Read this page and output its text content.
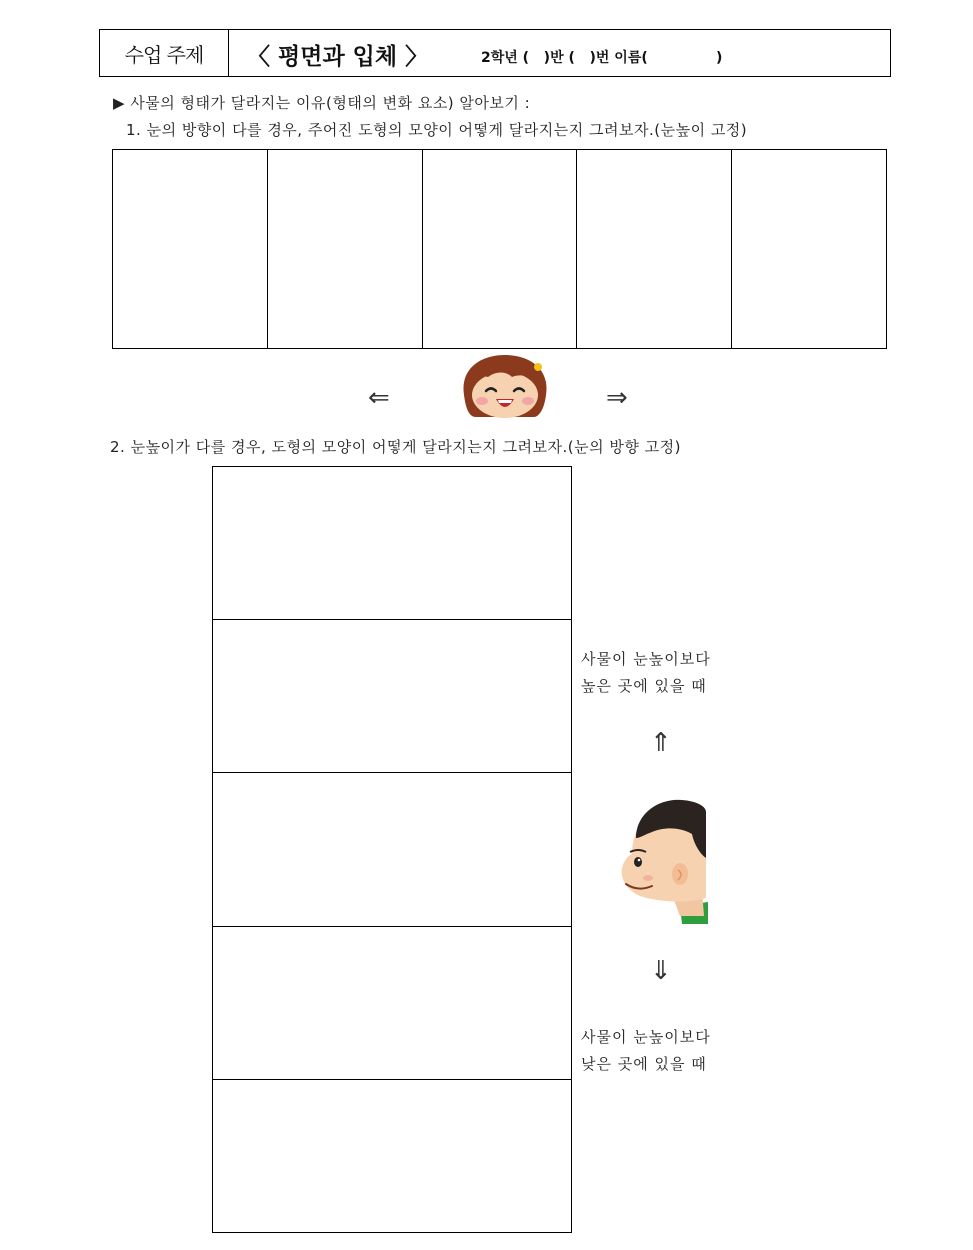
수업 주제	〈 평면과 입체 〉	2학년 (   )반 (   )번 이름(              )
▶ 사물의 형태가 달라지는 이유(형태의 변화 요소) 알아보기 :
1. 눈의 방향이 다를 경우, 주어진 도형의 모양이 어떻게 달라지는지 그려보자.(눈높이 고정)
⇐	⇒
2. 눈높이가 다를 경우, 도형의 모양이 어떻게 달라지는지 그려보자.(눈의 방향 고정)
사물이 눈높이보다
높은 곳에 있을 때
⇑
⇓
사물이 눈높이보다
낮은 곳에 있을 때
